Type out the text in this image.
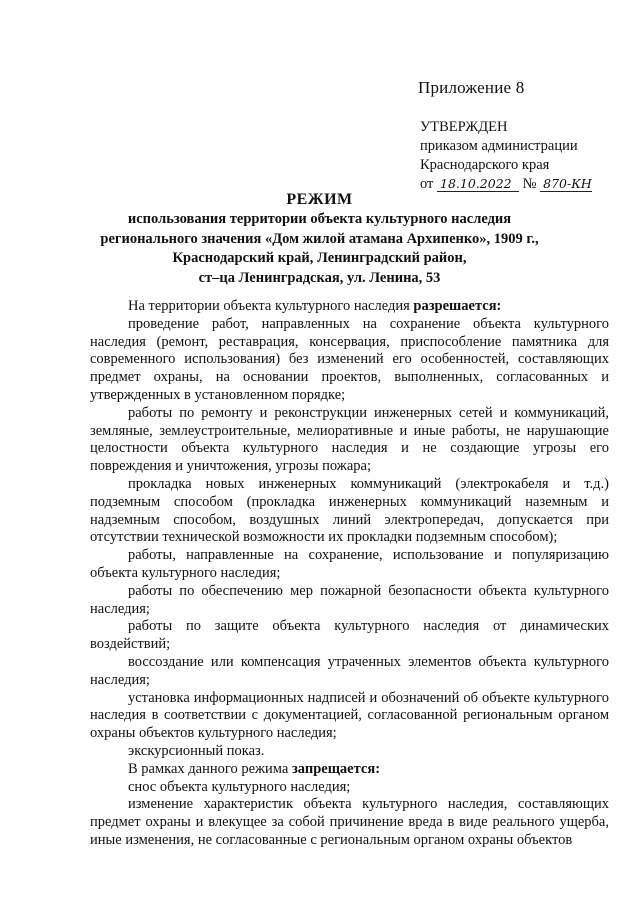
Приложение 8
УТВЕРЖДЕН
приказом администрации
Краснодарского края
от 18.10.2022 № 870-КН
РЕЖИМ
использования территории объекта культурного наследия
регионального значения «Дом жилой атамана Архипенко», 1909 г.,
Краснодарский край, Ленинградский район,
ст–ца Ленинградская, ул. Ленина, 53

На территории объекта культурного наследия разрешается:

проведение работ, направленных на сохранение объекта культурного наследия (ремонт, реставрация, консервация, приспособление памятника для современного использования) без изменений его особенностей, составляющих предмет охраны, на основании проектов, выполненных, согласованных и утвержденных в установленном порядке;

работы по ремонту и реконструкции инженерных сетей и коммуникаций, земляные, землеустроительные, мелиоративные и иные работы, не нарушающие целостности объекта культурного наследия и не создающие угрозы его повреждения и уничтожения, угрозы пожара;

прокладка новых инженерных коммуникаций (электрокабеля и т.д.) подземным способом (прокладка инженерных коммуникаций наземным и надземным способом, воздушных линий электропередач, допускается при отсутствии технической возможности их прокладки подземным способом);

работы, направленные на сохранение, использование и популяризацию объекта культурного наследия;

работы по обеспечению мер пожарной безопасности объекта культурного наследия;

работы по защите объекта культурного наследия от динамических воздействий;

воссоздание или компенсация утраченных элементов объекта культурного наследия;

установка информационных надписей и обозначений об объекте культурного наследия в соответствии с документацией, согласованной региональным органом охраны объектов культурного наследия;

экскурсионный показ.

В рамках данного режима запрещается:

снос объекта культурного наследия;

изменение характеристик объекта культурного наследия, составляющих предмет охраны и влекущее за собой причинение вреда в виде реального ущерба, иные изменения, не согласованные с региональным органом охраны объектов
